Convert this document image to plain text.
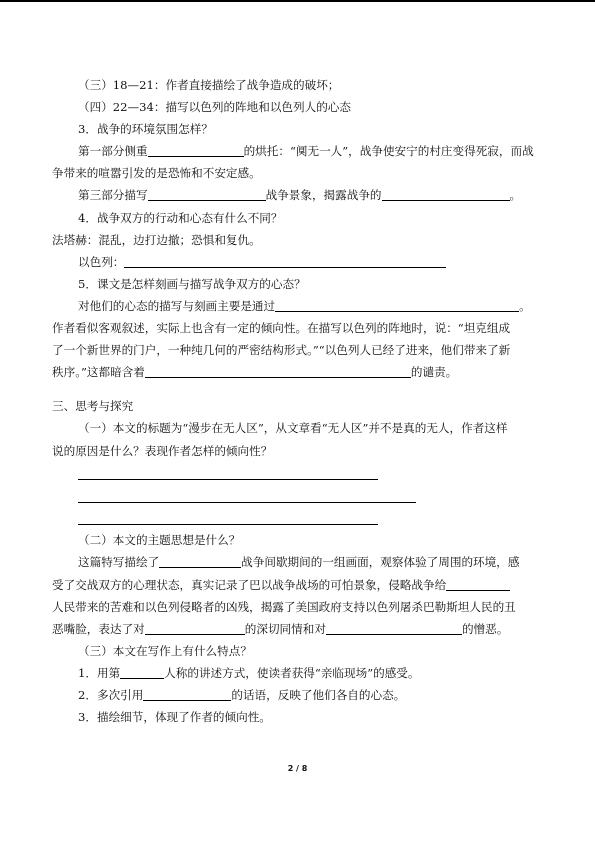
（三）18—21：作者直接描绘了战争造成的破坏；
（四）22—34：描写以色列的阵地和以色列人的心态
3．战争的环境氛围怎样？
第一部分侧重	的烘托：“阒无一人”，战争使安宁的村庄变得死寂，而战
争带来的喧嚣引发的是恐怖和不安定感。
第三部分描写	战争景象，揭露战争的	。
4．战争双方的行动和心态有什么不同？
法塔赫：混乱，边打边撤；恐惧和复仇。
以色列：
5．课文是怎样刻画与描写战争双方的心态？
对他们的心态的描写与刻画主要是通过	。
作者看似客观叙述，实际上也含有一定的倾向性。在描写以色列的阵地时，说：“坦克组成
了一个新世界的门户，一种纯几何的严密结构形式。”“以色列人已经了进来，他们带来了新
秩序。”这都暗含着	的谴责。
三、思考与探究
（一）本文的标题为“漫步在无人区”，从文章看“无人区”并不是真的无人，作者这样
说的原因是什么？表现作者怎样的倾向性？
（二）本文的主题思想是什么？
这篇特写描绘了	战争间歇期间的一组画面，观察体验了周围的环境，感
受了交战双方的心理状态，真实记录了巴以战争战场的可怕景象，侵略战争给
人民带来的苦难和以色列侵略者的凶残，揭露了美国政府支持以色列屠杀巴勒斯坦人民的丑
恶嘴脸，表达了对	的深切同情和对	的憎恶。
（三）本文在写作上有什么特点？
1．用第	人称的讲述方式，使读者获得“亲临现场”的感受。
2．多次引用	的话语，反映了他们各自的心态。
3．描绘细节，体现了作者的倾向性。
2 / 8
